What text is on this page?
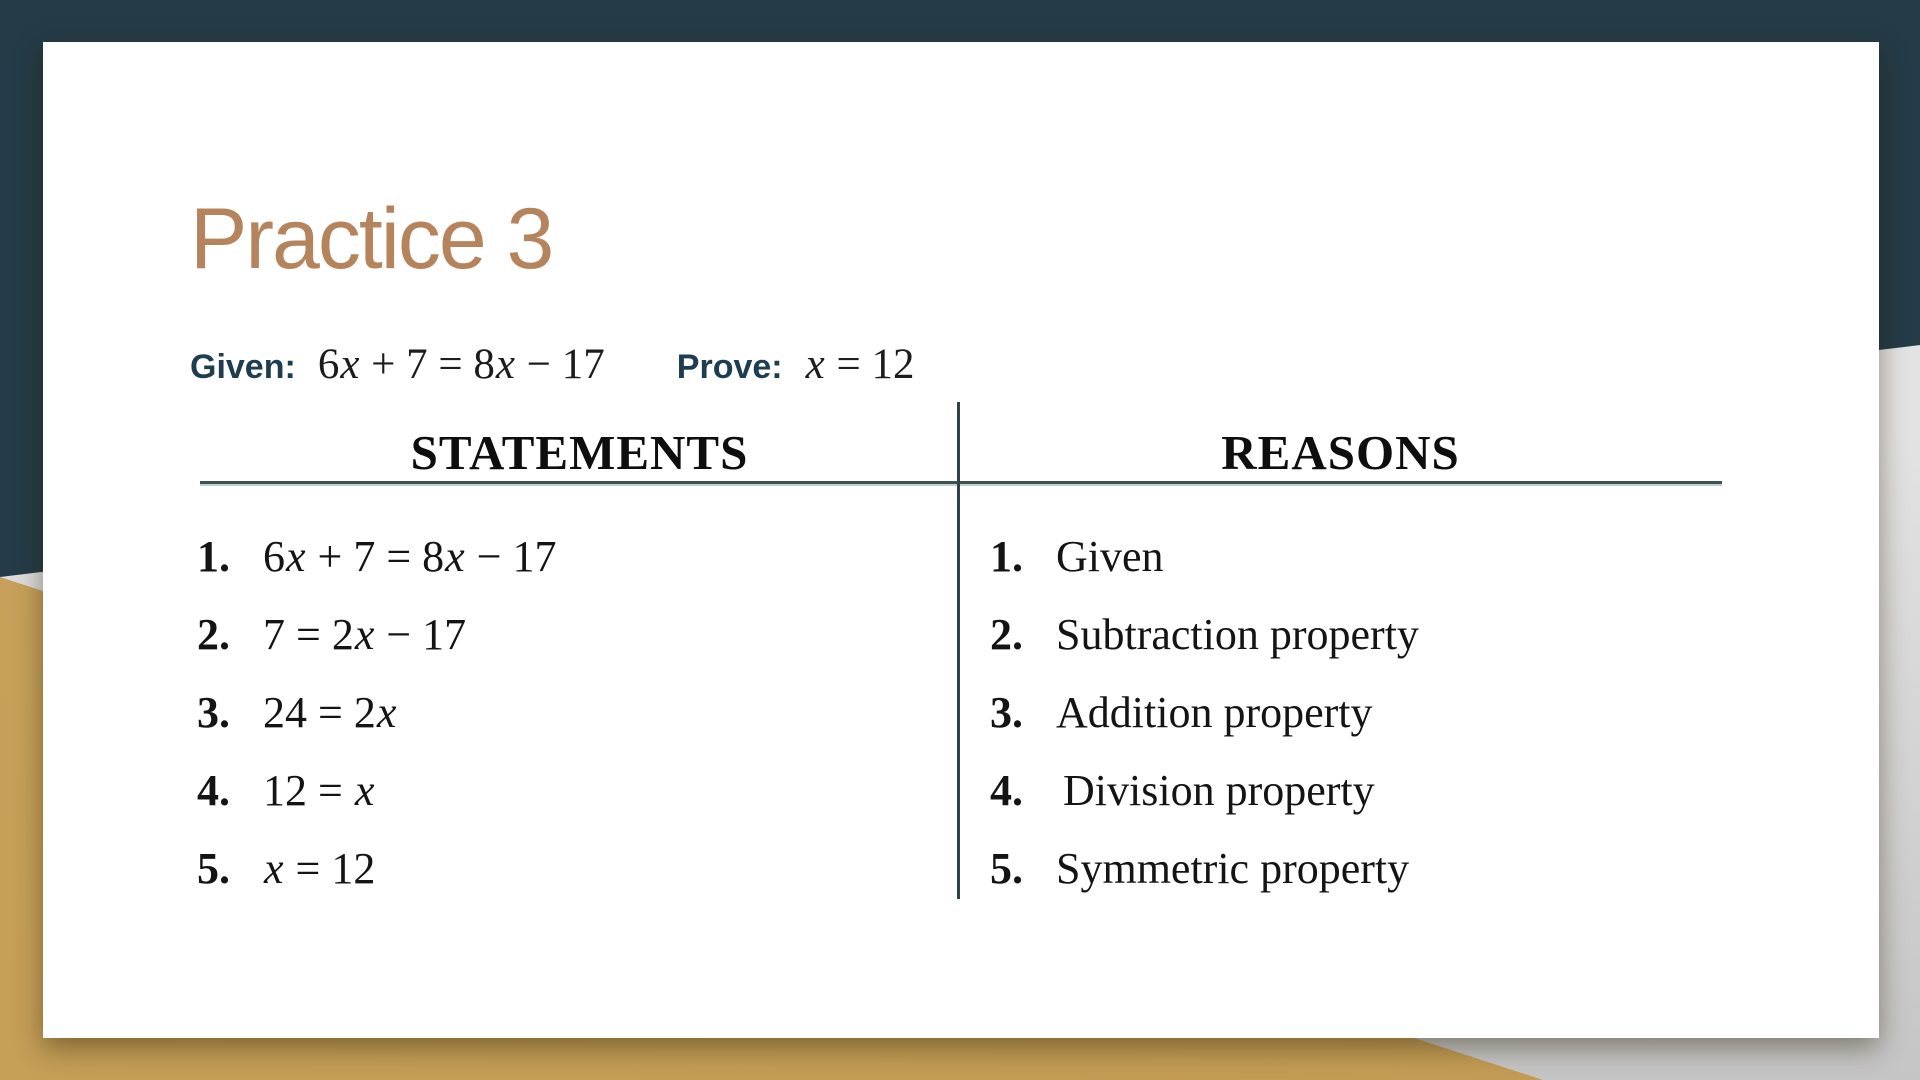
Practice 3
Given: 6x + 7 = 8x − 17 Prove: x = 12
STATEMENTS	REASONS
1. 6x + 7 = 8x − 17	1. Given
2. 7 = 2x − 17	2. Subtraction property
3. 24 = 2x	3. Addition property
4. 12 = x	4. Division property
5. x = 12	5. Symmetric property
